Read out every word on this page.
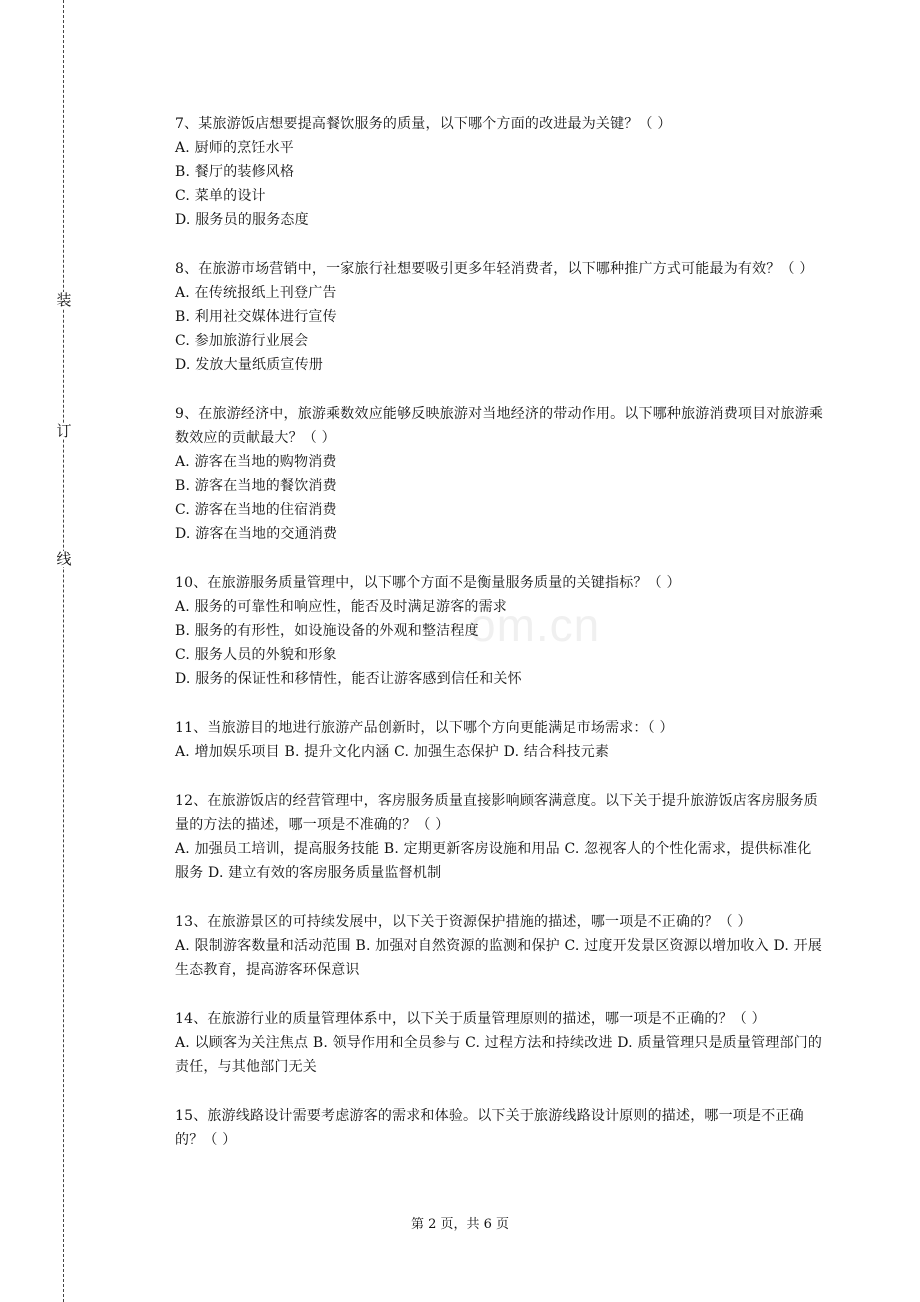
装
订
线
om.cn

7、某旅游饭店想要提高餐饮服务的质量，以下哪个方面的改进最为关键？（ ）

A. 厨师的烹饪水平

B. 餐厅的装修风格

C. 菜单的设计

D. 服务员的服务态度

8、在旅游市场营销中，一家旅行社想要吸引更多年轻消费者，以下哪种推广方式可能最为有效？（ ）

A. 在传统报纸上刊登广告

B. 利用社交媒体进行宣传

C. 参加旅游行业展会

D. 发放大量纸质宣传册

9、在旅游经济中，旅游乘数效应能够反映旅游对当地经济的带动作用。以下哪种旅游消费项目对旅游乘数效应的贡献最大？（ ）

A. 游客在当地的购物消费

B. 游客在当地的餐饮消费

C. 游客在当地的住宿消费

D. 游客在当地的交通消费

10、在旅游服务质量管理中，以下哪个方面不是衡量服务质量的关键指标？（ ）

A. 服务的可靠性和响应性，能否及时满足游客的需求

B. 服务的有形性，如设施设备的外观和整洁程度

C. 服务人员的外貌和形象

D. 服务的保证性和移情性，能否让游客感到信任和关怀

11、当旅游目的地进行旅游产品创新时，以下哪个方向更能满足市场需求：（ ）

A. 增加娱乐项目 B. 提升文化内涵 C. 加强生态保护 D. 结合科技元素

12、在旅游饭店的经营管理中，客房服务质量直接影响顾客满意度。以下关于提升旅游饭店客房服务质量的方法的描述，哪一项是不准确的？（ ）

A. 加强员工培训，提高服务技能 B. 定期更新客房设施和用品 C. 忽视客人的个性化需求，提供标准化服务 D. 建立有效的客房服务质量监督机制

13、在旅游景区的可持续发展中，以下关于资源保护措施的描述，哪一项是不正确的？（ ）

A. 限制游客数量和活动范围 B. 加强对自然资源的监测和保护 C. 过度开发景区资源以增加收入 D. 开展生态教育，提高游客环保意识

14、在旅游行业的质量管理体系中，以下关于质量管理原则的描述，哪一项是不正确的？（ ）

A. 以顾客为关注焦点 B. 领导作用和全员参与 C. 过程方法和持续改进 D. 质量管理只是质量管理部门的责任，与其他部门无关

15、旅游线路设计需要考虑游客的需求和体验。以下关于旅游线路设计原则的描述，哪一项是不正确的？（ ）

第 2 页，共 6 页
